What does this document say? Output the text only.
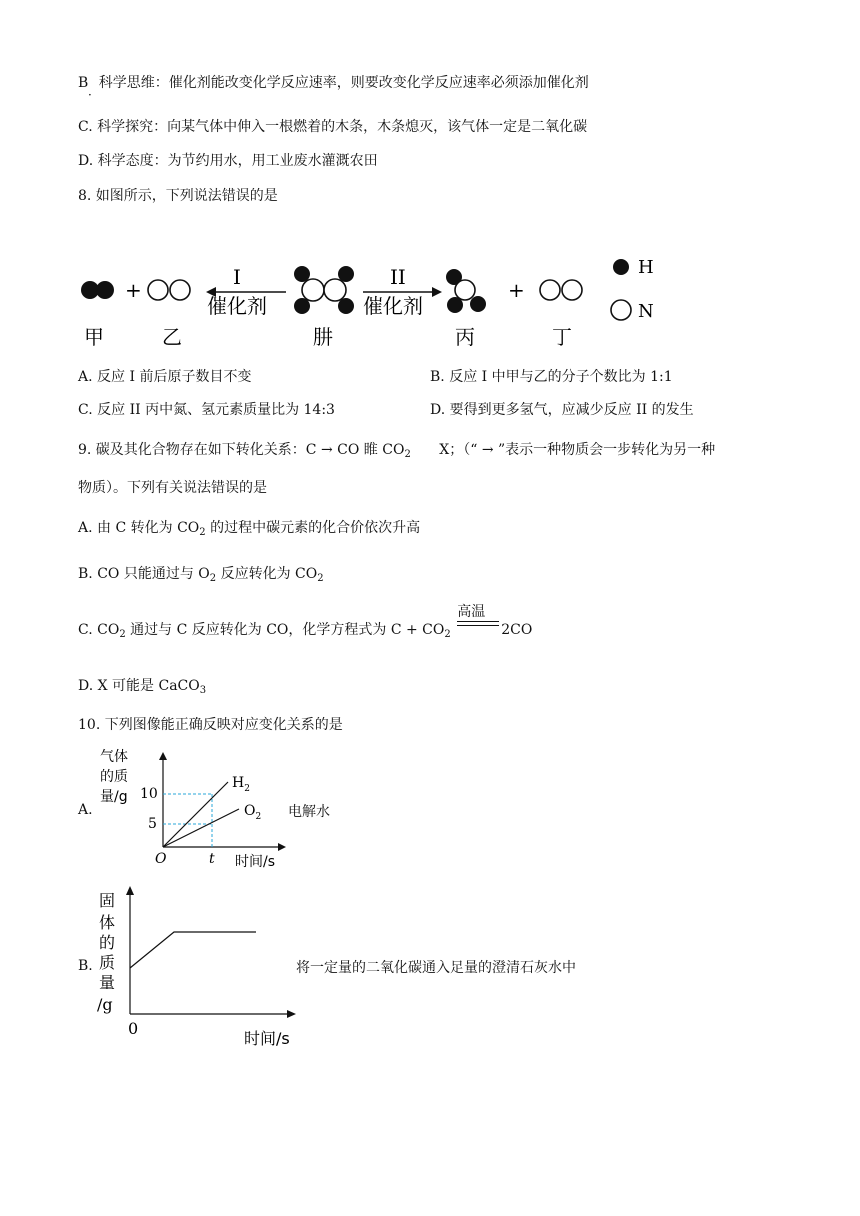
B 科学思维：催化剂能改变化学反应速率，则要改变化学反应速率必须添加催化剂
·
C. 科学探究：向某气体中伸入一根燃着的木条，木条熄灭，该气体一定是二氧化碳
D. 科学态度：为节约用水，用工业废水灌溉农田
8. 如图所示，下列说法错误的是
+
I
催化剂
II
催化剂
+
H
N
甲	乙	肼	丙	丁
A. 反应 I 前后原子数目不变	B. 反应 I 中甲与乙的分子个数比为 1:1
C. 反应 II 丙中氮、氢元素质量比为 14:3	D. 要得到更多氢气，应减少反应 II 的发生
9. 碳及其化合物存在如下转化关系：C → CO 睢 $CO_2$ X；（“ → ”表示一种物质会一步转化为另一种
物质）。下列有关说法错误的是
A. 由 C 转化为 $CO_2$ 的过程中碳元素的化合价依次升高
B. CO 只能通过与 $O_2$ 反应转化为 $CO_2$
C. $CO_2$ 通过与 C 反应转化为 CO，化学方程式为 $C + CO_2$
高温
2CO
D. X 可能是 CaCO$_3$
10. 下列图像能正确反映对应变化关系的是
A.
气体
的质
量/g 10
5
O	t 时间/s
$H_2$
$O_2$ 电解水
B.
固
体
的
质
量
/g
0
时间/s
将一定量的二氧化碳通入足量的澄清石灰水中
